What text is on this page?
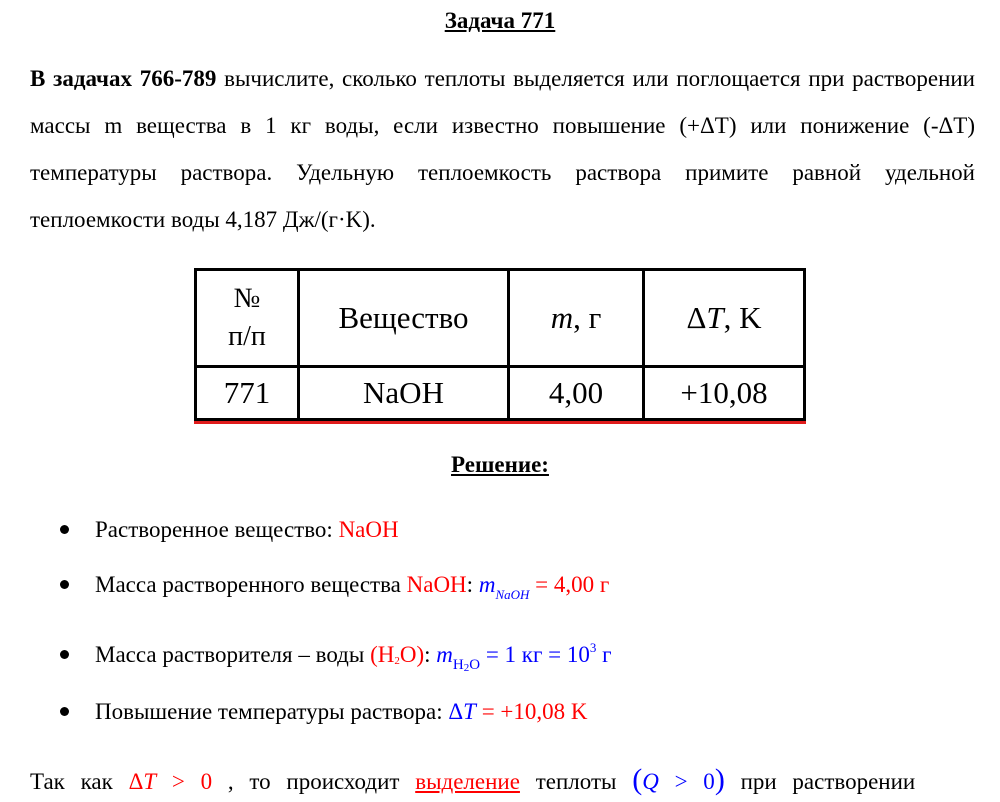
Задача 771
В задачах 766-789 вычислите, сколько теплоты выделяется или поглощается при растворении массы m вещества в 1 кг воды, если известно повышение (+ΔT) или понижение (-ΔT) температуры раствора. Удельную теплоемкость раствора примите равной удельной теплоемкости воды 4,187 Дж/(г·K).
№
п/п	Вещество	m, г	ΔT, K
771	NaOH	4,00	+10,08
Решение:
Растворенное вещество: NaOH
Масса растворенного вещества NaOH: $m_{NaOH} = 4,00$ г
Масса растворителя – воды (H2O): $m_{H2O} = 1$ кг = $10^3$ г
Повышение температуры раствора: ΔT = +10,08 K
Так как ΔT > 0 , то происходит выделение теплоты (Q > 0) при растворении
